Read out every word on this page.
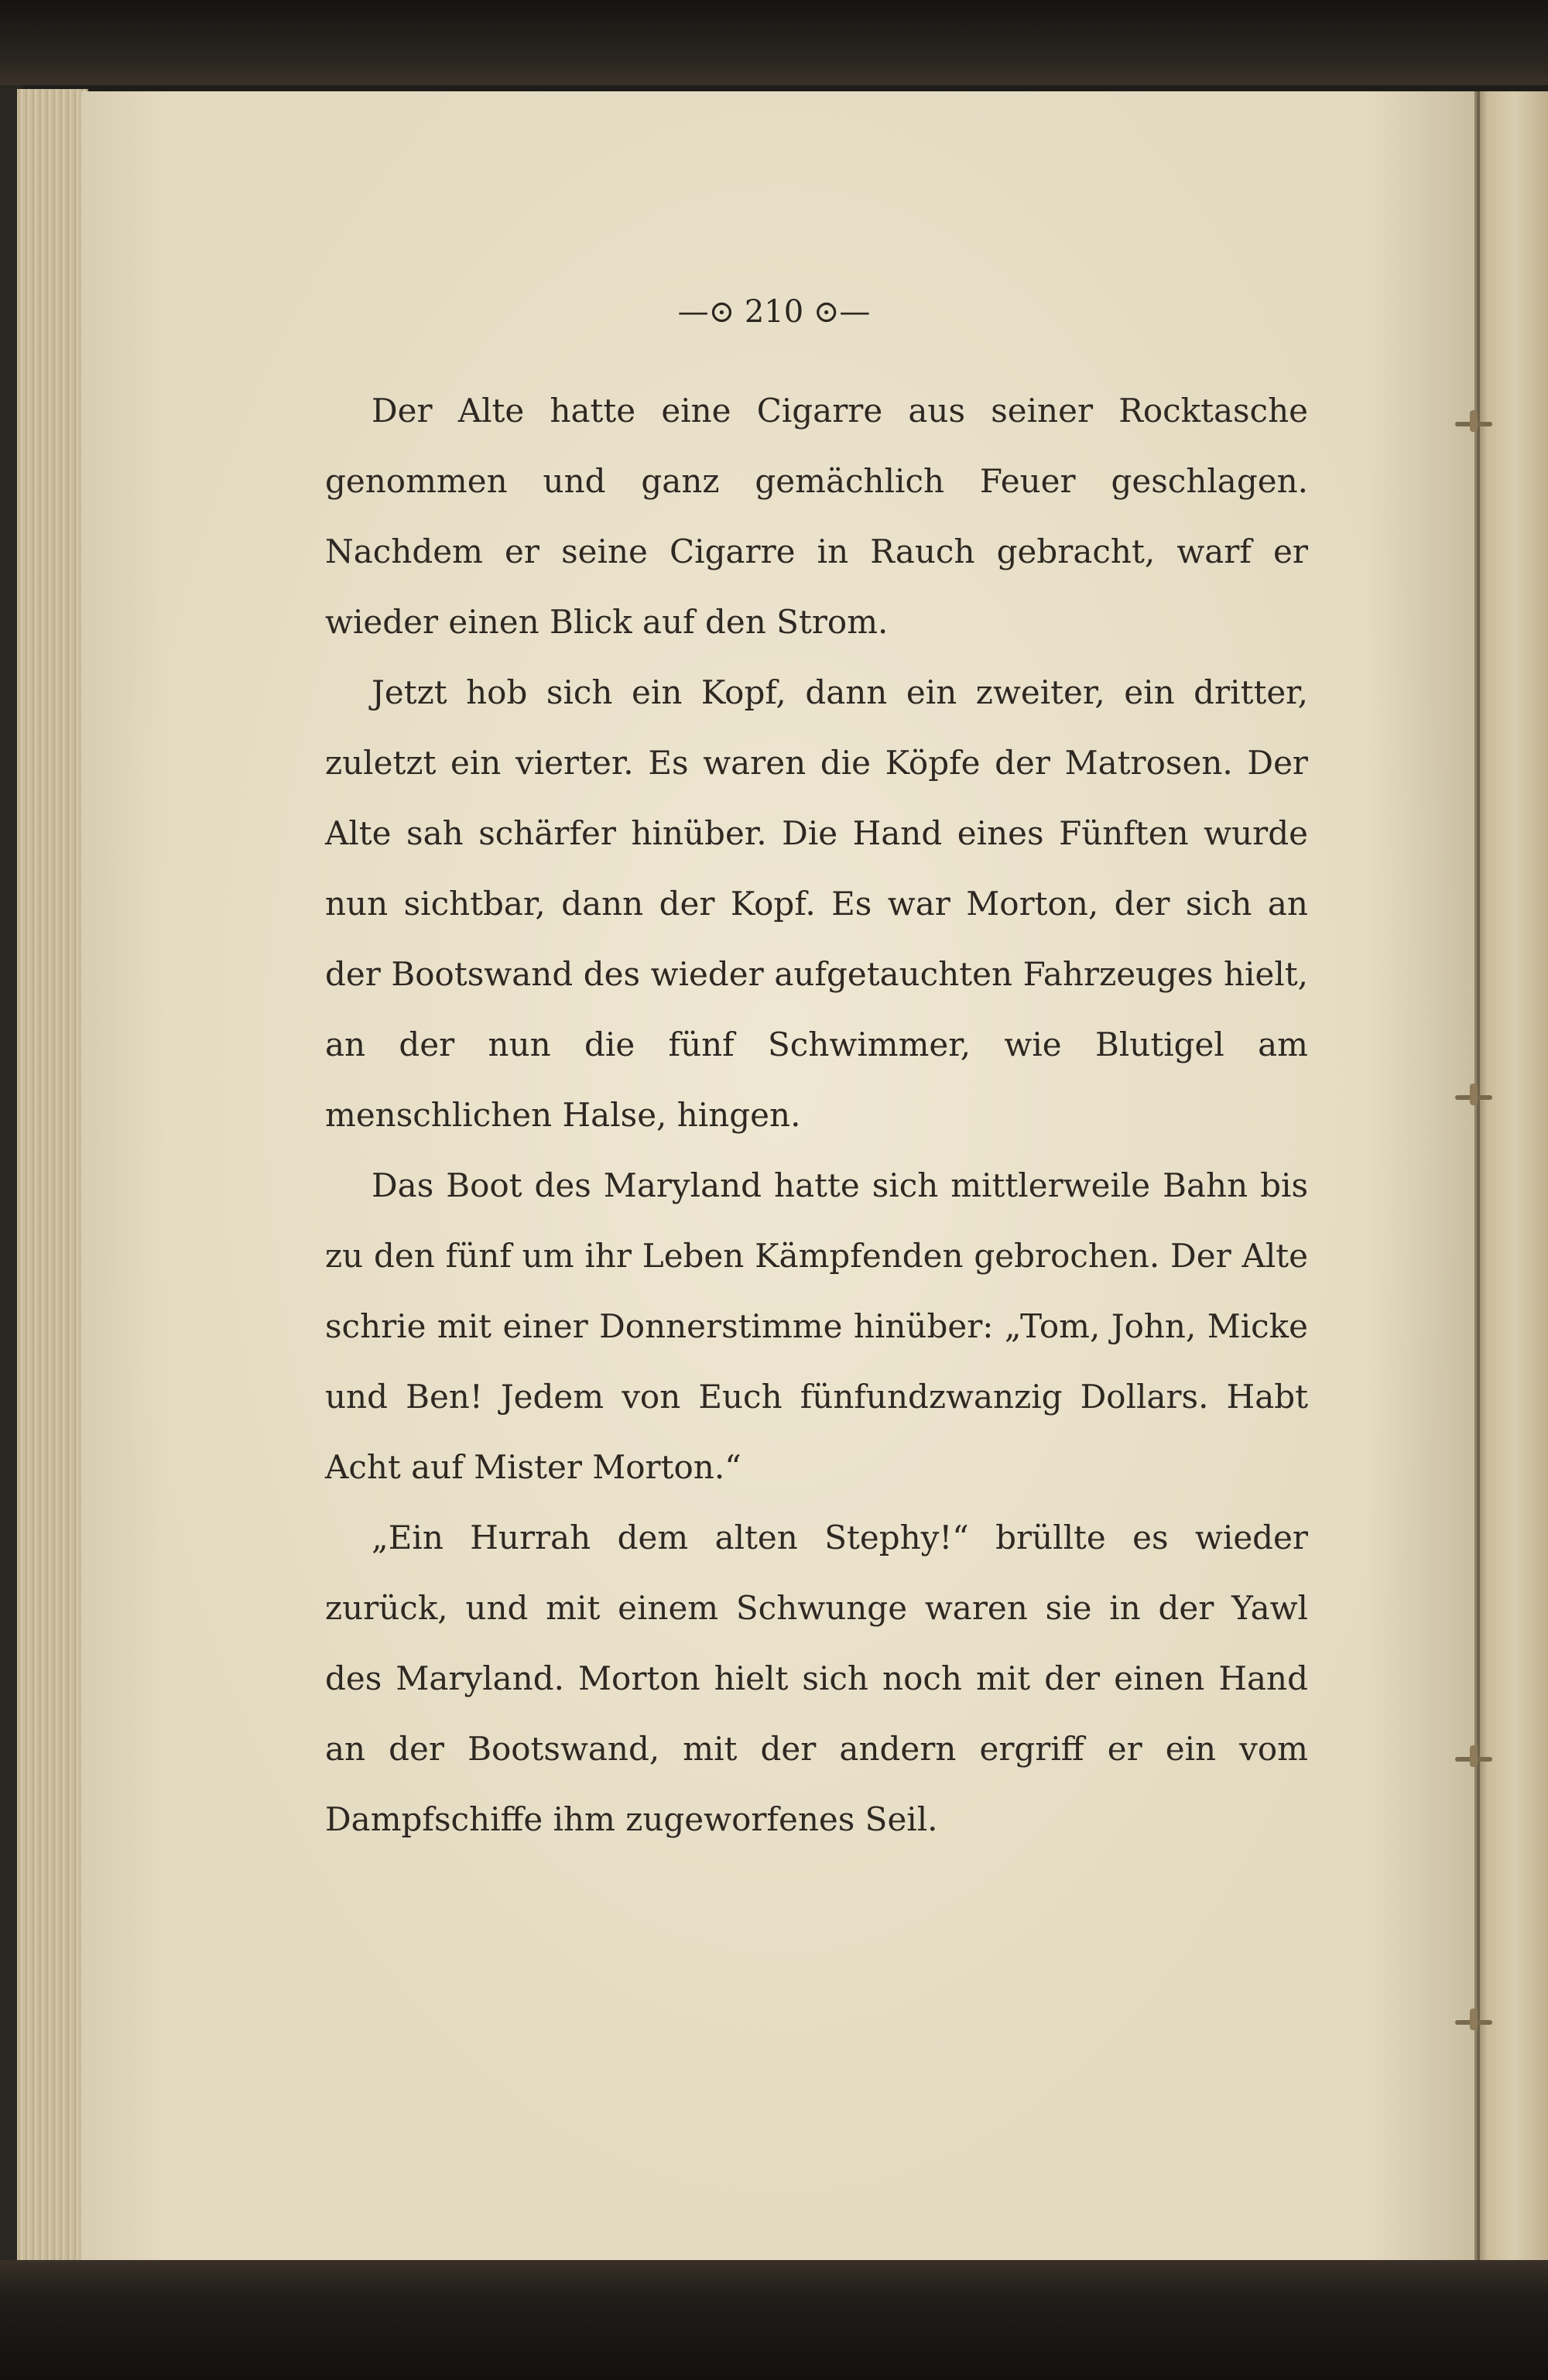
—⊙ 210 ⊙—

Der Alte hatte eine Cigarre aus seiner Rocktasche genommen und ganz gemächlich Feuer geschlagen. Nachdem er seine Cigarre in Rauch gebracht, warf er wieder einen Blick auf den Strom.

Jetzt hob sich ein Kopf, dann ein zweiter, ein dritter, zuletzt ein vierter. Es waren die Köpfe der Matrosen. Der Alte sah schärfer hinüber. Die Hand eines Fünften wurde nun sichtbar, dann der Kopf. Es war Morton, der sich an der Bootswand des wieder aufgetauchten Fahrzeuges hielt, an der nun die fünf Schwimmer, wie Blutigel am menschlichen Halse, hingen.

Das Boot des Maryland hatte sich mittlerweile Bahn bis zu den fünf um ihr Leben Kämpfenden gebrochen. Der Alte schrie mit einer Donnerstimme hinüber: „Tom, John, Micke und Ben! Jedem von Euch fünfundzwanzig Dollars. Habt Acht auf Mister Morton.“

„Ein Hurrah dem alten Stephy!“ brüllte es wieder zurück, und mit einem Schwunge waren sie in der Yawl des Maryland. Morton hielt sich noch mit der einen Hand an der Bootswand, mit der andern ergriff er ein vom Dampfschiffe ihm zugeworfenes Seil.
